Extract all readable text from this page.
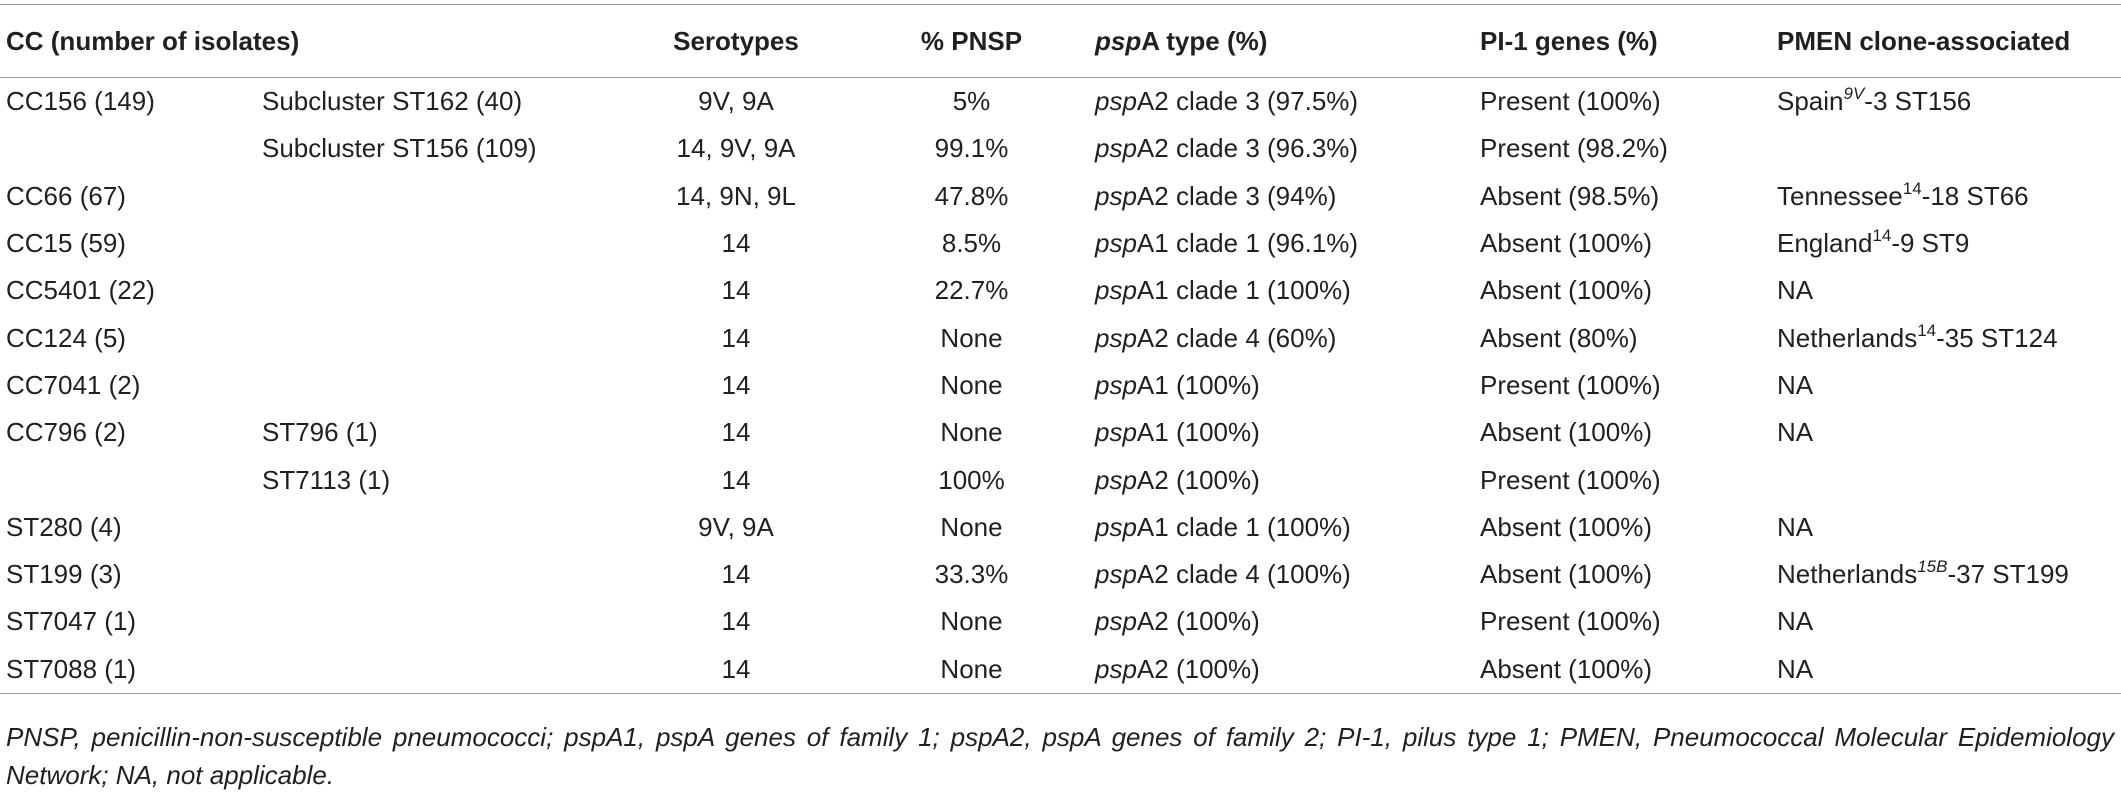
CC (number of isolates)		Serotypes	% PNSP	pspA type (%)	PI-1 genes (%)	PMEN clone-associated
CC156 (149)	Subcluster ST162 (40)	9V, 9A	5%	pspA2 clade 3 (97.5%)	Present (100%)	Spain$^{9V}$-3 ST156
	Subcluster ST156 (109)	14, 9V, 9A	99.1%	pspA2 clade 3 (96.3%)	Present (98.2%)	
CC66 (67)		14, 9N, 9L	47.8%	pspA2 clade 3 (94%)	Absent (98.5%)	Tennessee$^{14}$-18 ST66
CC15 (59)		14	8.5%	pspA1 clade 1 (96.1%)	Absent (100%)	England$^{14}$-9 ST9
CC5401 (22)		14	22.7%	pspA1 clade 1 (100%)	Absent (100%)	NA
CC124 (5)		14	None	pspA2 clade 4 (60%)	Absent (80%)	Netherlands$^{14}$-35 ST124
CC7041 (2)		14	None	pspA1 (100%)	Present (100%)	NA
CC796 (2)	ST796 (1)	14	None	pspA1 (100%)	Absent (100%)	NA
	ST7113 (1)	14	100%	pspA2 (100%)	Present (100%)	
ST280 (4)		9V, 9A	None	pspA1 clade 1 (100%)	Absent (100%)	NA
ST199 (3)		14	33.3%	pspA2 clade 4 (100%)	Absent (100%)	Netherlands$^{15B}$-37 ST199
ST7047 (1)		14	None	pspA2 (100%)	Present (100%)	NA
ST7088 (1)		14	None	pspA2 (100%)	Absent (100%)	NA
PNSP, penicillin-non-susceptible pneumococci; pspA1, pspA genes of family 1; pspA2, pspA genes of family 2; PI-1, pilus type 1; PMEN, Pneumococcal Molecular Epidemiology Network; NA, not applicable.
